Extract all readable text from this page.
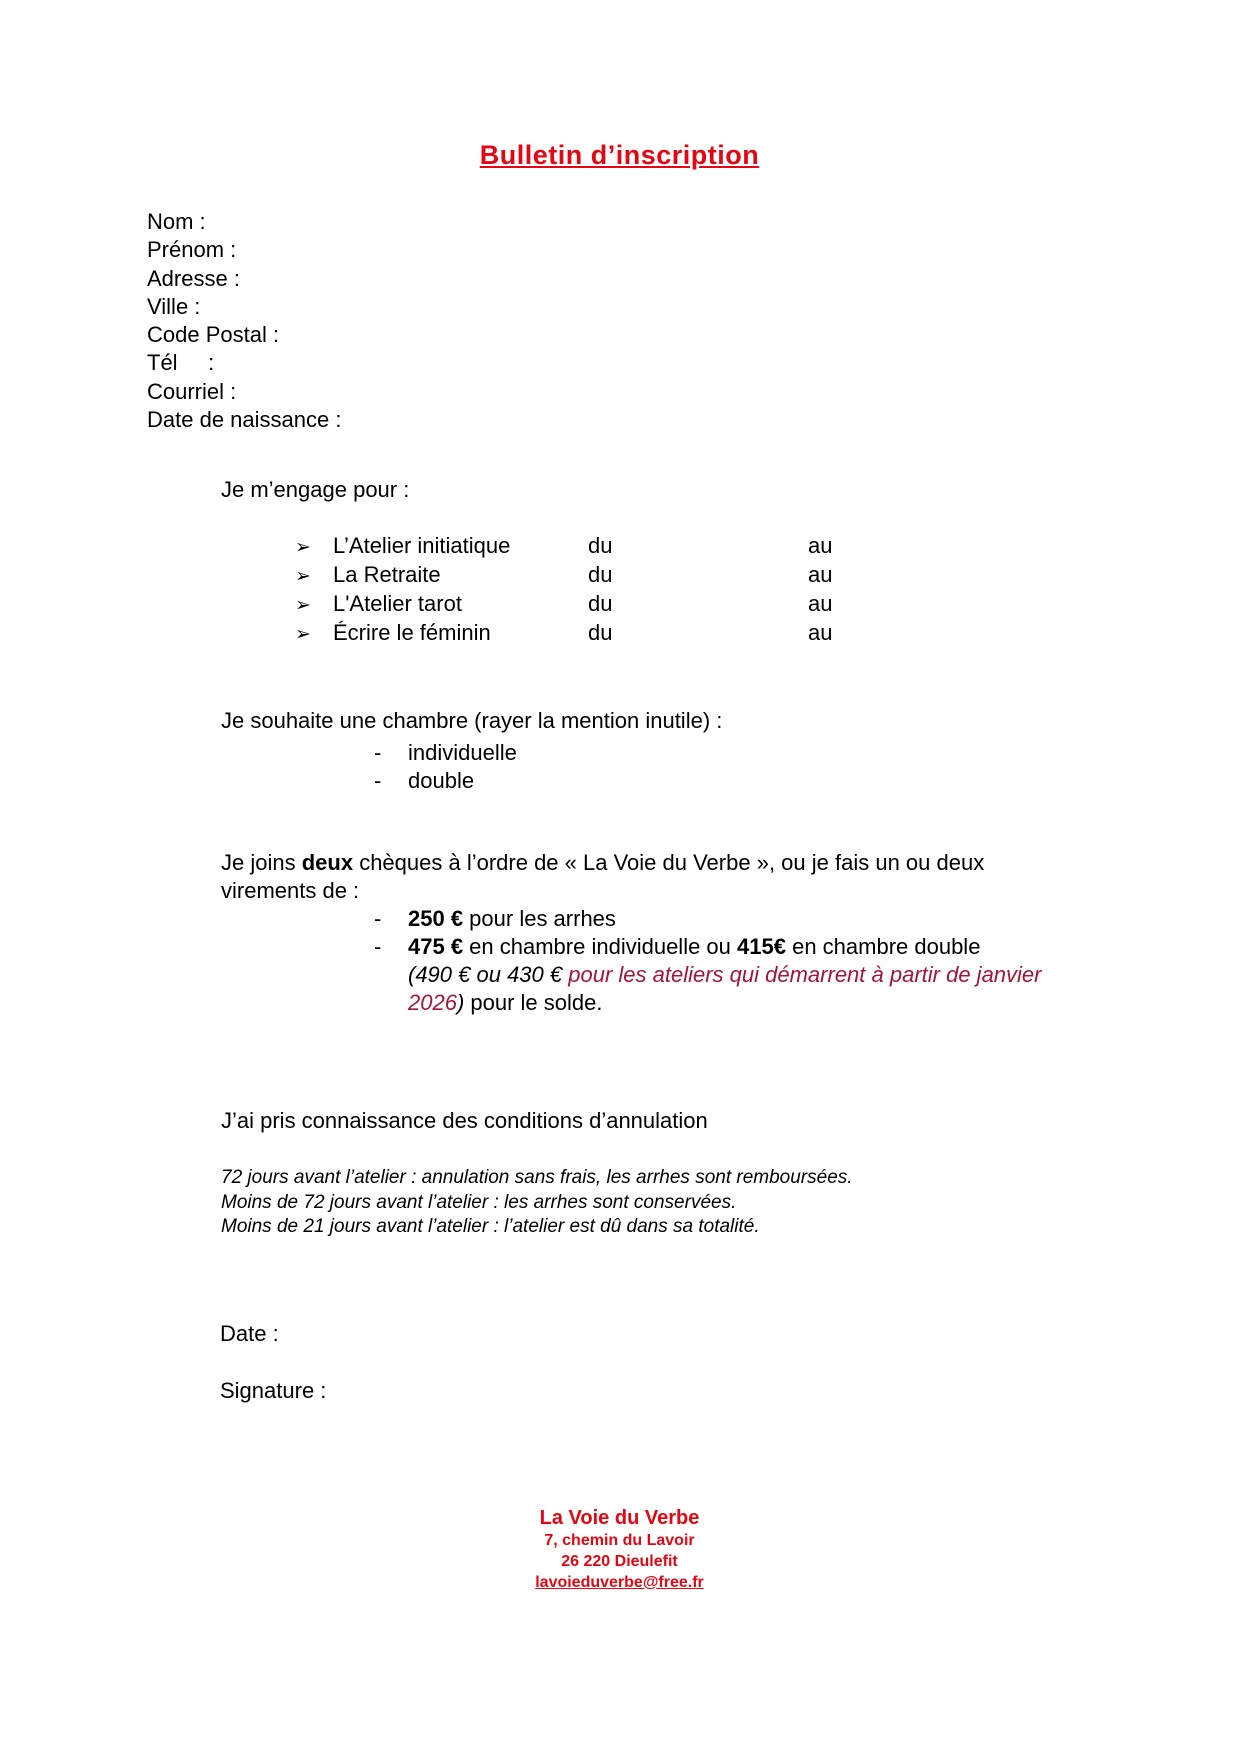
Bulletin d’inscription
Nom :
Prénom :
Adresse :
Ville :
Code Postal :
Tél     :
Courriel :
Date de naissance :
Je m’engage pour :
➢ L’Atelier initiatique	du	au
➢ La Retraite	du	au
➢ L'Atelier tarot	du	au
➢ Écrire le féminin	du	au
Je souhaite une chambre (rayer la mention inutile) :
- individuelle
- double
Je joins deux chèques à l’ordre de « La Voie du Verbe », ou je fais un ou deux
virements de :
- 250 € pour les arrhes
- 475 € en chambre individuelle ou 415€ en chambre double
(490 € ou 430 € pour les ateliers qui démarrent à partir de janvier
2026) pour le solde.
J’ai pris connaissance des conditions d’annulation
72 jours avant l’atelier : annulation sans frais, les arrhes sont remboursées.
Moins de 72 jours avant l’atelier : les arrhes sont conservées.
Moins de 21 jours avant l’atelier : l’atelier est dû dans sa totalité.
Date :
Signature :
La Voie du Verbe
7, chemin du Lavoir
26 220 Dieulefit
lavoieduverbe@free.fr
